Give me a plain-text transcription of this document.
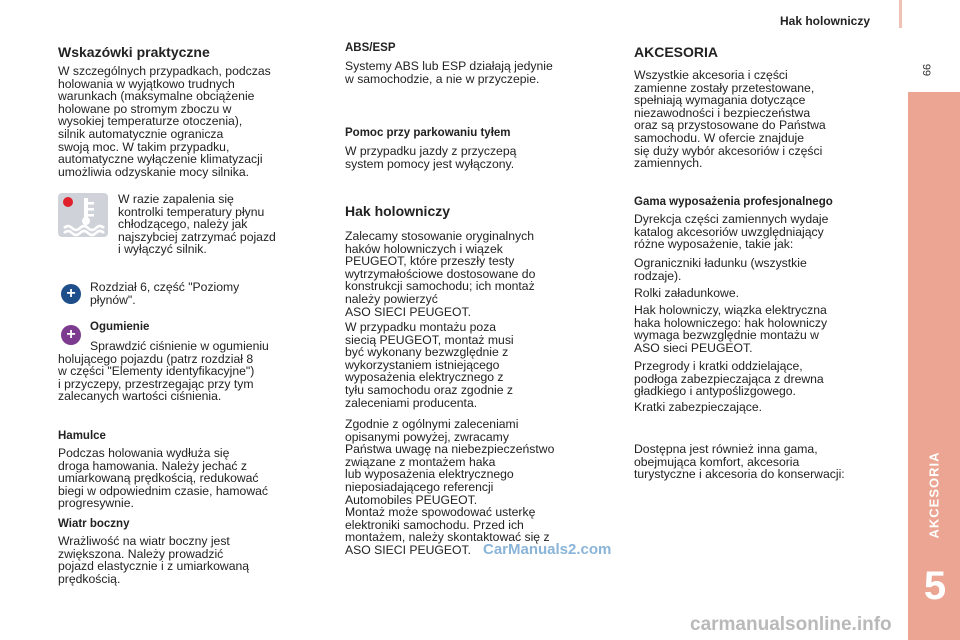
Hak holowniczy
99
AKCESORIA
5
Wskazówki praktyczne
W szczególnych przypadkach, podczas
holowania w wyjątkowo trudnych
warunkach (maksymalne obciążenie
holowane po stromym zboczu w
wysokiej temperaturze otoczenia),
silnik automatycznie ogranicza
swoją moc. W takim przypadku,
automatyczne wyłączenie klimatyzacji
umożliwia odzyskanie mocy silnika.
W razie zapalenia się
kontrolki temperatury płynu
chłodzącego, należy jak
najszybciej zatrzymać pojazd
i wyłączyć silnik.
+	Rozdział 6, część "Poziomy
płynów".
+	Ogumienie
Sprawdzić ciśnienie w ogumieniu
holującego pojazdu (patrz rozdział 8
w części "Elementy identyfikacyjne")
i przyczepy, przestrzegając przy tym
zalecanych wartości ciśnienia.
Hamulce
Podczas holowania wydłuża się
droga hamowania. Należy jechać z
umiarkowaną prędkością, redukować
biegi w odpowiednim czasie, hamować
progresywnie.
Wiatr boczny
Wrażliwość na wiatr boczny jest
zwiększona. Należy prowadzić
pojazd elastycznie i z umiarkowaną
prędkością.
ABS/ESP
Systemy ABS lub ESP działają jedynie
w samochodzie, a nie w przyczepie.
Pomoc przy parkowaniu tyłem
W przypadku jazdy z przyczepą
system pomocy jest wyłączony.
Hak holowniczy
Zalecamy stosowanie oryginalnych
haków holowniczych i wiązek
PEUGEOT, które przeszły testy
wytrzymałościowe dostosowane do
konstrukcji samochodu; ich montaż
należy powierzyć
ASO SIECI PEUGEOT.
W przypadku montażu poza
siecią PEUGEOT, montaż musi
być wykonany bezwzględnie z
wykorzystaniem istniejącego
wyposażenia elektrycznego z
tyłu samochodu oraz zgodnie z
zaleceniami producenta.
Zgodnie z ogólnymi zaleceniami
opisanymi powyżej, zwracamy
Państwa uwagę na niebezpieczeństwo
związane z montażem haka
lub wyposażenia elektrycznego
nieposiadającego referencji
Automobiles PEUGEOT.
Montaż może spowodować usterkę
elektroniki samochodu. Przed ich
montażem, należy skontaktować się z
ASO SIECI PEUGEOT.
AKCESORIA
Wszystkie akcesoria i części
zamienne zostały przetestowane,
spełniają wymagania dotyczące
niezawodności i bezpieczeństwa
oraz są przystosowane do Państwa
samochodu. W ofercie znajduje
się duży wybór akcesoriów i części
zamiennych.
Gama wyposażenia profesjonalnego
Dyrekcja części zamiennych wydaje
katalog akcesoriów uwzględniający
różne wyposażenie, takie jak:
Ograniczniki ładunku (wszystkie
rodzaje).
Rolki załadunkowe.
Hak holowniczy, wiązka elektryczna
haka holowniczego: hak holowniczy
wymaga bezwzględnie montażu w
ASO sieci PEUGEOT.
Przegrody i kratki oddzielające,
podłoga zabezpieczająca z drewna
gładkiego i antypoślizgowego.
Kratki zabezpieczające.
Dostępna jest również inna gama,
obejmująca komfort, akcesoria
turystyczne i akcesoria do konserwacji:
CarManuals2.com
carmanualsonline.info
